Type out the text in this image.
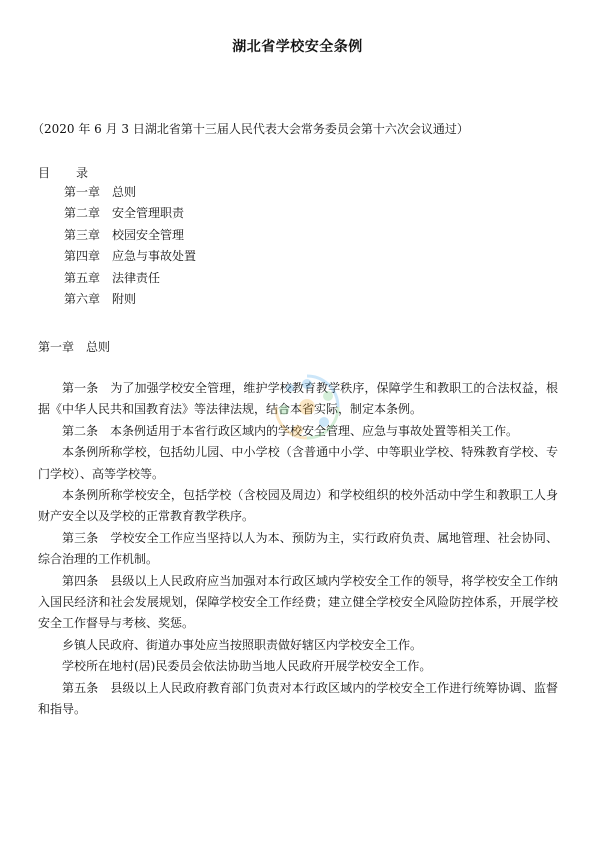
湖北省学校安全条例
（2020 年 6 月 3 日湖北省第十三届人民代表大会常务委员会第十六次会议通过）
目 录
第一章 总则
第二章 安全管理职责
第三章 校园安全管理
第四章 应急与事故处置
第五章 法律责任
第六章 附则
第一章 总则

第一条 为了加强学校安全管理，维护学校教育教学秩序，保障学生和教职工的合法权益，根据《中华人民共和国教育法》等法律法规，结合本省实际，制定本条例。

第二条 本条例适用于本省行政区域内的学校安全管理、应急与事故处置等相关工作。

本条例所称学校，包括幼儿园、中小学校（含普通中小学、中等职业学校、特殊教育学校、专门学校）、高等学校等。

本条例所称学校安全，包括学校（含校园及周边）和学校组织的校外活动中学生和教职工人身财产安全以及学校的正常教育教学秩序。

第三条 学校安全工作应当坚持以人为本、预防为主，实行政府负责、属地管理、社会协同、综合治理的工作机制。

第四条 县级以上人民政府应当加强对本行政区域内学校安全工作的领导，将学校安全工作纳入国民经济和社会发展规划，保障学校安全工作经费；建立健全学校安全风险防控体系，开展学校安全工作督导与考核、奖惩。

乡镇人民政府、街道办事处应当按照职责做好辖区内学校安全工作。

学校所在地村(居)民委员会依法协助当地人民政府开展学校安全工作。

第五条 县级以上人民政府教育部门负责对本行政区域内的学校安全工作进行统筹协调、监督和指导。
